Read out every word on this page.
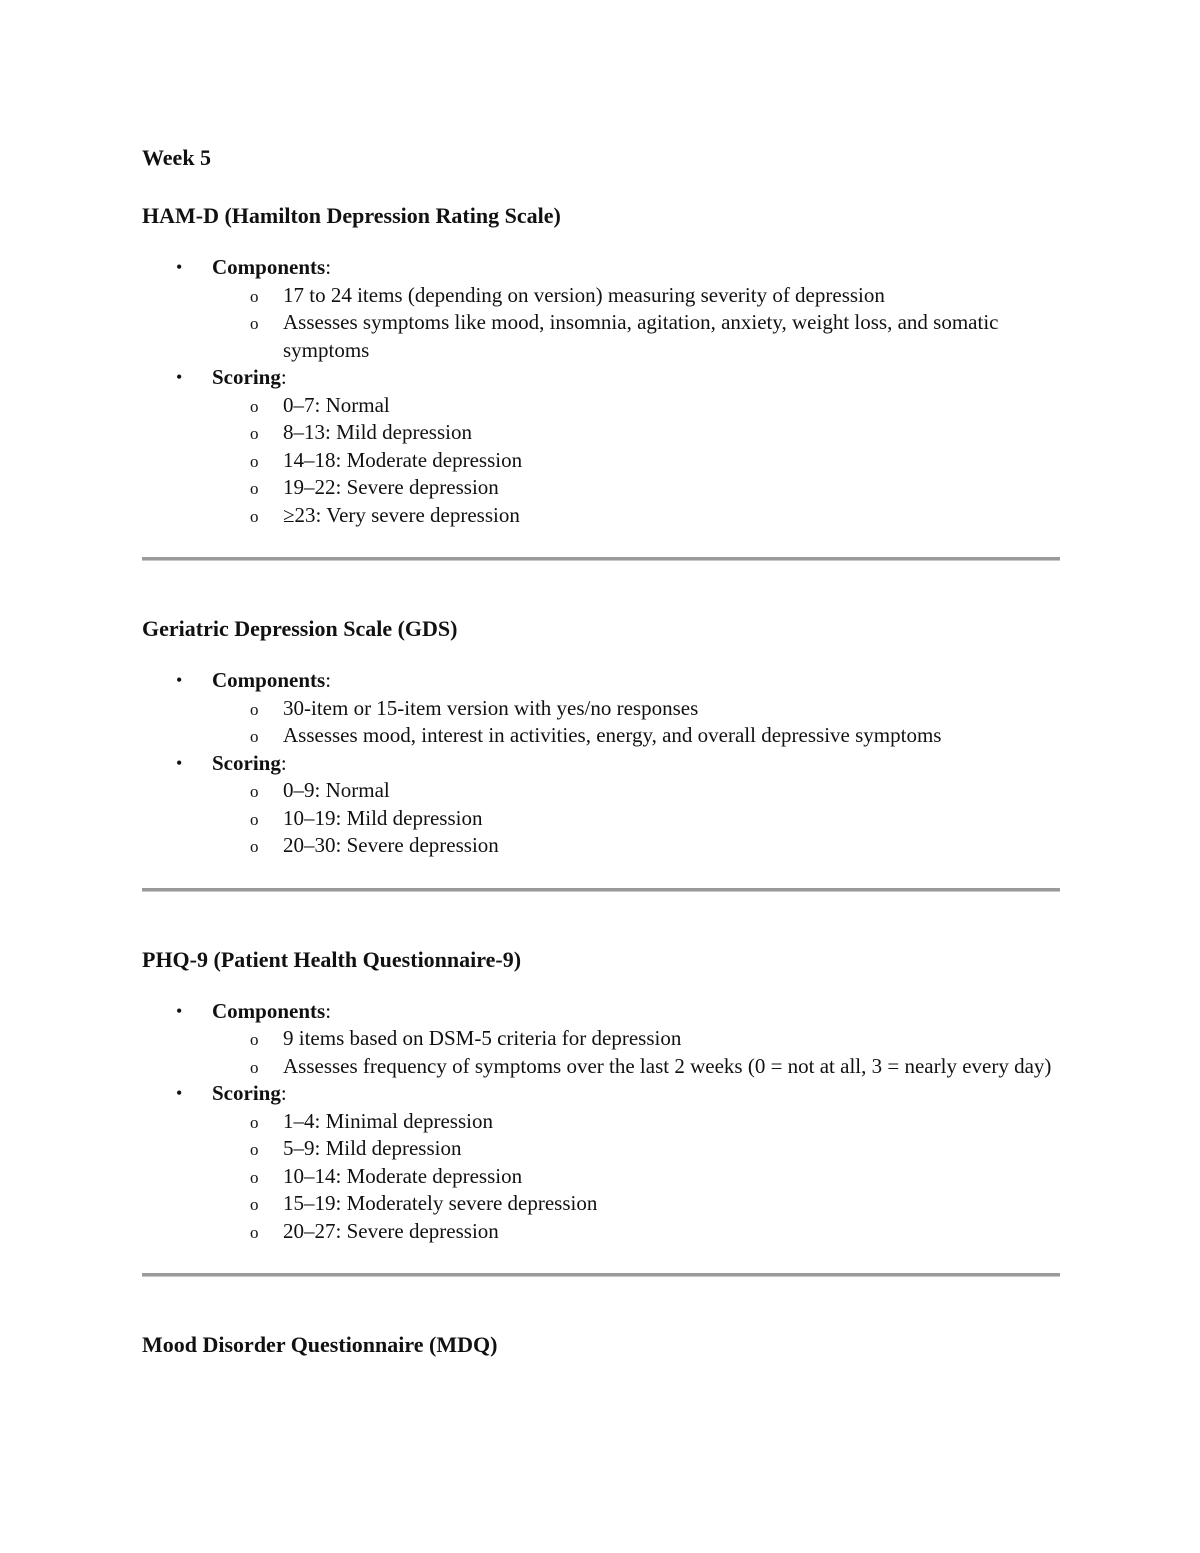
Week 5
HAM-D (Hamilton Depression Rating Scale)
• Components:
o 17 to 24 items (depending on version) measuring severity of depression
o Assesses symptoms like mood, insomnia, agitation, anxiety, weight loss, and somatic symptoms
• Scoring:
o 0–7: Normal
o 8–13: Mild depression
o 14–18: Moderate depression
o 19–22: Severe depression
o ≥23: Very severe depression
Geriatric Depression Scale (GDS)
• Components:
o 30-item or 15-item version with yes/no responses
o Assesses mood, interest in activities, energy, and overall depressive symptoms
• Scoring:
o 0–9: Normal
o 10–19: Mild depression
o 20–30: Severe depression
PHQ-9 (Patient Health Questionnaire-9)
• Components:
o 9 items based on DSM-5 criteria for depression
o Assesses frequency of symptoms over the last 2 weeks (0 = not at all, 3 = nearly every day)
• Scoring:
o 1–4: Minimal depression
o 5–9: Mild depression
o 10–14: Moderate depression
o 15–19: Moderately severe depression
o 20–27: Severe depression
Mood Disorder Questionnaire (MDQ)
